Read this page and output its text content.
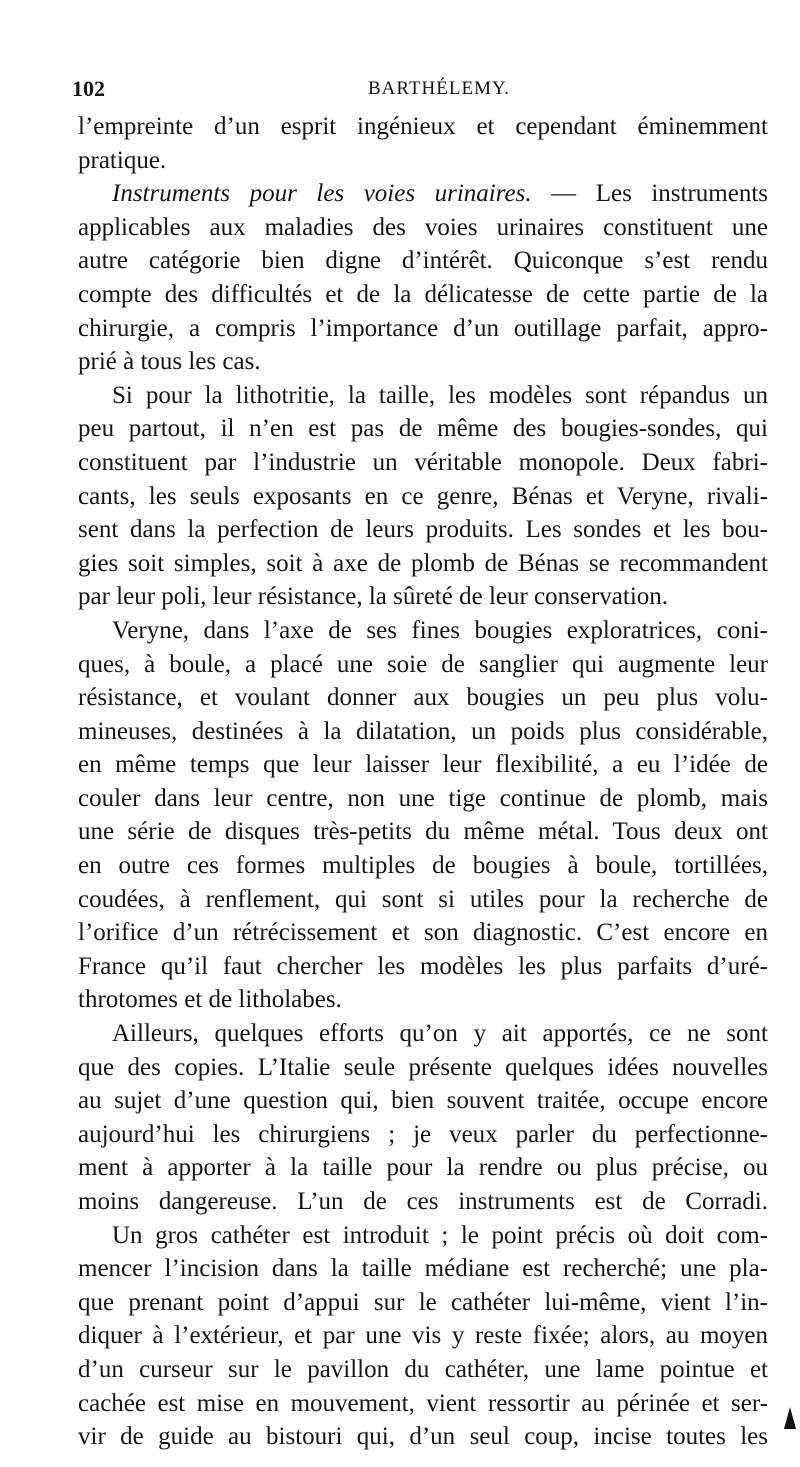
102	BARTHÉLEMY.
l’empreinte d’un esprit ingénieux et cependant éminemment
pratique.
Instruments pour les voies urinaires. — Les instruments
applicables aux maladies des voies urinaires constituent une
autre catégorie bien digne d’intérêt. Quiconque s’est rendu
compte des difficultés et de la délicatesse de cette partie de la
chirurgie, a compris l’importance d’un outillage parfait, appro-
prié à tous les cas.
Si pour la lithotritie, la taille, les modèles sont répandus un
peu partout, il n’en est pas de même des bougies-sondes, qui
constituent par l’industrie un véritable monopole. Deux fabri-
cants, les seuls exposants en ce genre, Bénas et Veryne, rivali-
sent dans la perfection de leurs produits. Les sondes et les bou-
gies soit simples, soit à axe de plomb de Bénas se recommandent
par leur poli, leur résistance, la sûreté de leur conservation.
Veryne, dans l’axe de ses fines bougies exploratrices, coni-
ques, à boule, a placé une soie de sanglier qui augmente leur
résistance, et voulant donner aux bougies un peu plus volu-
mineuses, destinées à la dilatation, un poids plus considérable,
en même temps que leur laisser leur flexibilité, a eu l’idée de
couler dans leur centre, non une tige continue de plomb, mais
une série de disques très-petits du même métal. Tous deux ont
en outre ces formes multiples de bougies à boule, tortillées,
coudées, à renflement, qui sont si utiles pour la recherche de
l’orifice d’un rétrécissement et son diagnostic. C’est encore en
France qu’il faut chercher les modèles les plus parfaits d’uré-
throtomes et de litholabes.
Ailleurs, quelques efforts qu’on y ait apportés, ce ne sont
que des copies. L’Italie seule présente quelques idées nouvelles
au sujet d’une question qui, bien souvent traitée, occupe encore
aujourd’hui les chirurgiens ; je veux parler du perfectionne-
ment à apporter à la taille pour la rendre ou plus précise, ou
moins dangereuse. L’un de ces instruments est de Corradi.
Un gros cathéter est introduit ; le point précis où doit com-
mencer l’incision dans la taille médiane est recherché; une pla-
que prenant point d’appui sur le cathéter lui-même, vient l’in-
diquer à l’extérieur, et par une vis y reste fixée; alors, au moyen
d’un curseur sur le pavillon du cathéter, une lame pointue et
cachée est mise en mouvement, vient ressortir au périnée et ser-
vir de guide au bistouri qui, d’un seul coup, incise toutes les
